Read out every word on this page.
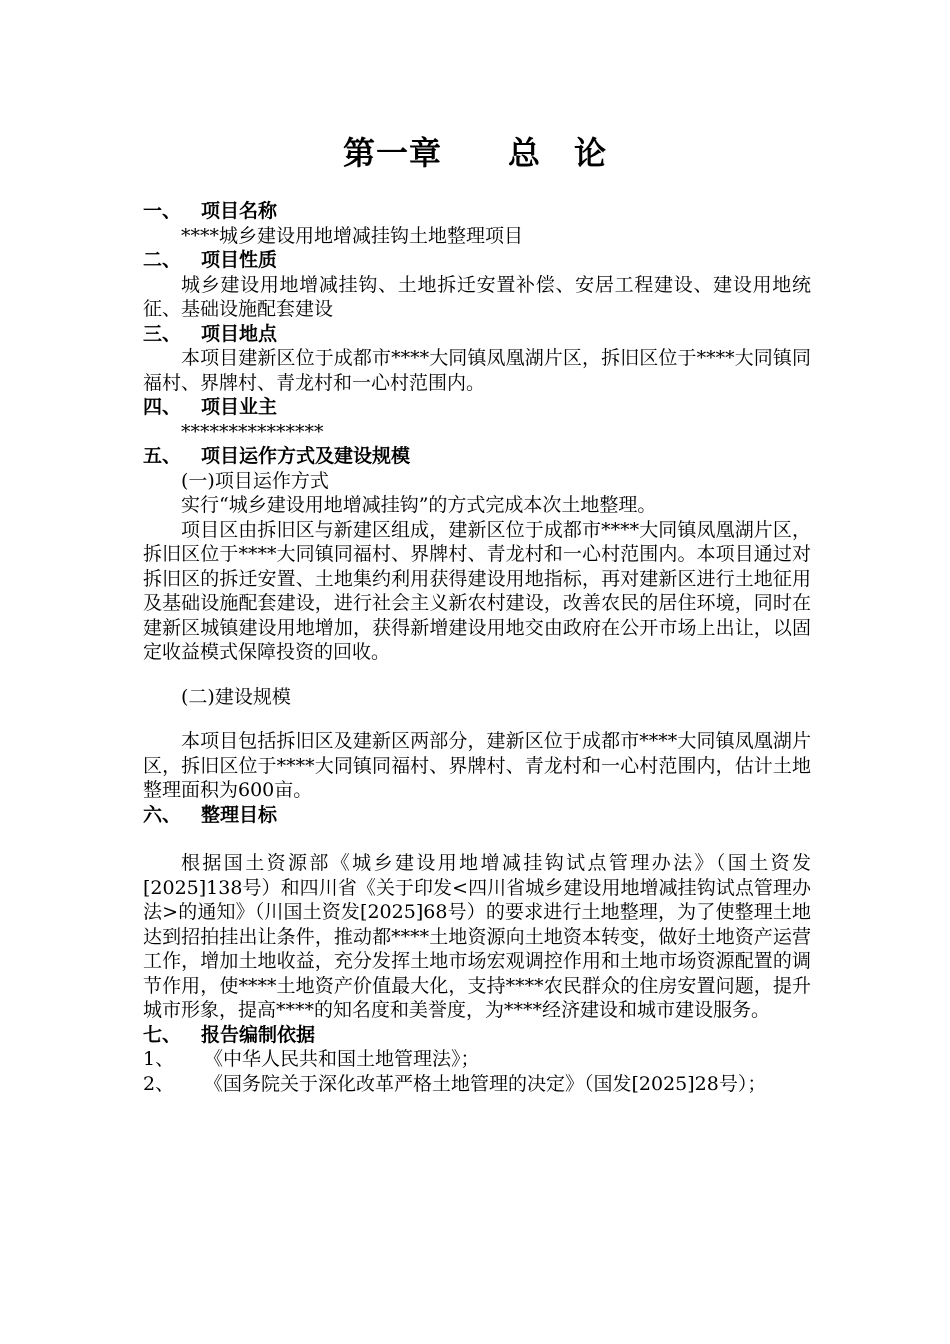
第一章　　总　论
一、 项目名称

****城乡建设用地增减挂钩土地整理项目

二、 项目性质

城乡建设用地增减挂钩、土地拆迁安置补偿、安居工程建设、建设用地统征、基础设施配套建设

三、 项目地点

本项目建新区位于成都市****大同镇凤凰湖片区，拆旧区位于****大同镇同福村、界牌村、青龙村和一心村范围内。

四、 项目业主

***************

五、 项目运作方式及建设规模

(一)项目运作方式

实行“城乡建设用地增减挂钩”的方式完成本次土地整理。

项目区由拆旧区与新建区组成，建新区位于成都市****大同镇凤凰湖片区，拆旧区位于****大同镇同福村、界牌村、青龙村和一心村范围内。本项目通过对拆旧区的拆迁安置、土地集约利用获得建设用地指标，再对建新区进行土地征用及基础设施配套建设，进行社会主义新农村建设，改善农民的居住环境，同时在建新区城镇建设用地增加，获得新增建设用地交由政府在公开市场上出让，以固定收益模式保障投资的回收。

(二)建设规模

本项目包括拆旧区及建新区两部分，建新区位于成都市****大同镇凤凰湖片区，拆旧区位于****大同镇同福村、界牌村、青龙村和一心村范围内，估计土地整理面积为600亩。

六、 整理目标

根据国土资源部《城乡建设用地增减挂钩试点管理办法》（国土资发[2025]138号）和四川省《关于印发<四川省城乡建设用地增减挂钩试点管理办法>的通知》（川国土资发[2025]68号）的要求进行土地整理，为了使整理土地达到招拍挂出让条件，推动都****土地资源向土地资本转变，做好土地资产运营工作，增加土地收益，充分发挥土地市场宏观调控作用和土地市场资源配置的调节作用，使****土地资产价值最大化，支持****农民群众的住房安置问题，提升城市形象，提高****的知名度和美誉度，为****经济建设和城市建设服务。

七、 报告编制依据
1、	《中华人民共和国土地管理法》；
2、	《国务院关于深化改革严格土地管理的决定》（国发[2025]28号）；
